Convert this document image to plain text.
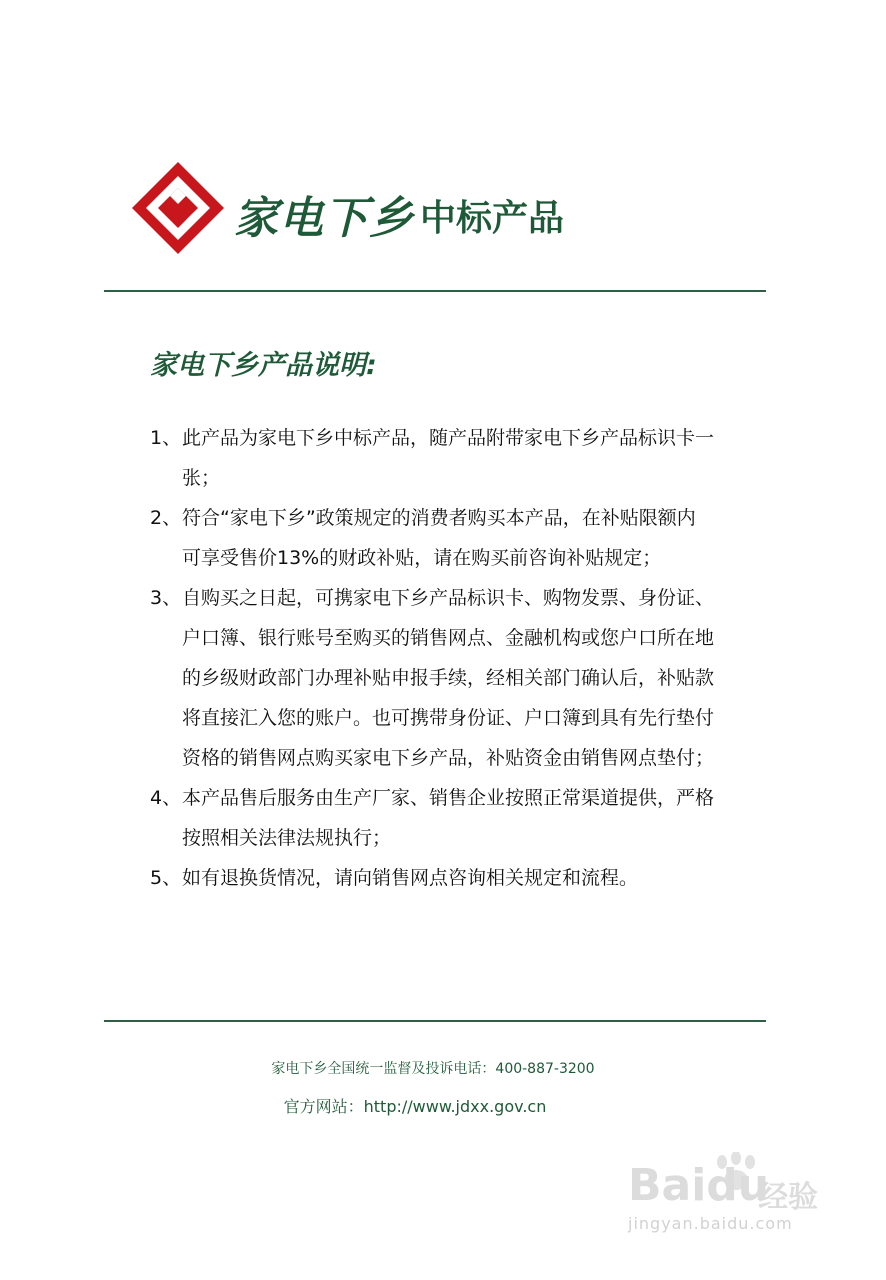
家电下乡 中标产品
家电下乡产品说明:
1、 此产品为家电下乡中标产品，随产品附带家电下乡产品标识卡一
张；
2、 符合“家电下乡”政策规定的消费者购买本产品，在补贴限额内
可享受售价13%的财政补贴，请在购买前咨询补贴规定；
3、 自购买之日起，可携家电下乡产品标识卡、购物发票、身份证、
户口簿、银行账号至购买的销售网点、金融机构或您户口所在地
的乡级财政部门办理补贴申报手续，经相关部门确认后，补贴款
将直接汇入您的账户。也可携带身份证、户口簿到具有先行垫付
资格的销售网点购买家电下乡产品，补贴资金由销售网点垫付；
4、 本产品售后服务由生产厂家、销售企业按照正常渠道提供，严格
按照相关法律法规执行；
5、 如有退换货情况，请向销售网点咨询相关规定和流程。
家电下乡全国统一监督及投诉电话：400-887-3200
官方网站：http://www.jdxx.gov.cn
Baidu
经验
jingyan.baidu.com
